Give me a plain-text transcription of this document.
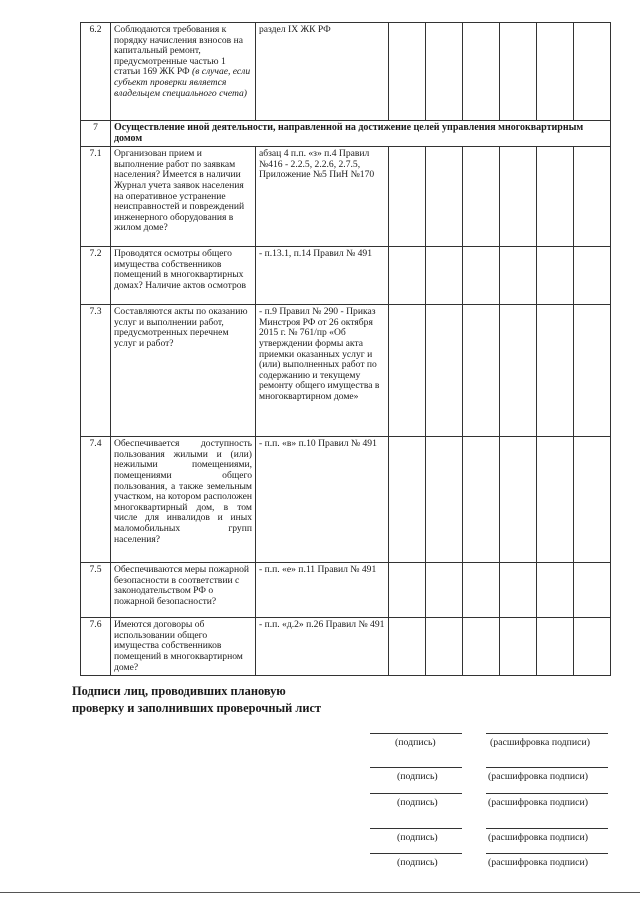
6.2	Соблюдаются требования к порядку начисления взносов на капитальный ремонт, предусмотренные частью 1 статьи 169 ЖК РФ (в случае, если субъект проверки является владельцем специального счета)	раздел IX ЖК РФ						
7	Осуществление иной деятельности, направленной на достижение целей управления многоквартирным домом							
7.1	Организован прием и выполнение работ по заявкам населения? Имеется в наличии Журнал учета заявок населения на оперативное устранение неисправностей и повреждений инженерного оборудования в жилом доме?	абзац 4 п.п. «з» п.4 Правил №416 - 2.2.5, 2.2.6, 2.7.5, Приложение №5 ПиН №170						
7.2	Проводятся осмотры общего имущества собственников помещений в многоквартирных домах? Наличие актов осмотров	- п.13.1, п.14 Правил № 491						
7.3	Составляются акты по оказанию услуг и выполнении работ, предусмотренных перечнем услуг и работ?	- п.9 Правил № 290 - Приказ Минстроя РФ от 26 октября 2015 г. № 761/пр «Об утверждении формы акта приемки оказанных услуг и (или) выполненных работ по содержанию и текущему ремонту общего имущества в многоквартирном доме»						
7.4	Обеспечивается доступность пользования жилыми и (или) нежилыми помещениями, помещениями общего пользования, а также земельным участком, на котором расположен многоквартирный дом, в том числе для инвалидов и иных маломобильных групп населения?	- п.п. «в» п.10 Правил № 491						
7.5	Обеспечиваются меры пожарной безопасности в соответствии с законодательством РФ о пожарной безопасности?	- п.п. «е» п.11 Правил № 491						
7.6	Имеются договоры об использовании общего имущества собственников помещений в многоквартирном доме?	- п.п. «д.2» п.26 Правил № 491						
Подписи лиц, проводивших плановую проверку и заполнивших проверочный лист
(подпись)	(расшифровка подписи)
(подпись)	(расшифровка подписи)
(подпись)	(расшифровка подписи)
(подпись)	(расшифровка подписи)
(подпись)	(расшифровка подписи)
